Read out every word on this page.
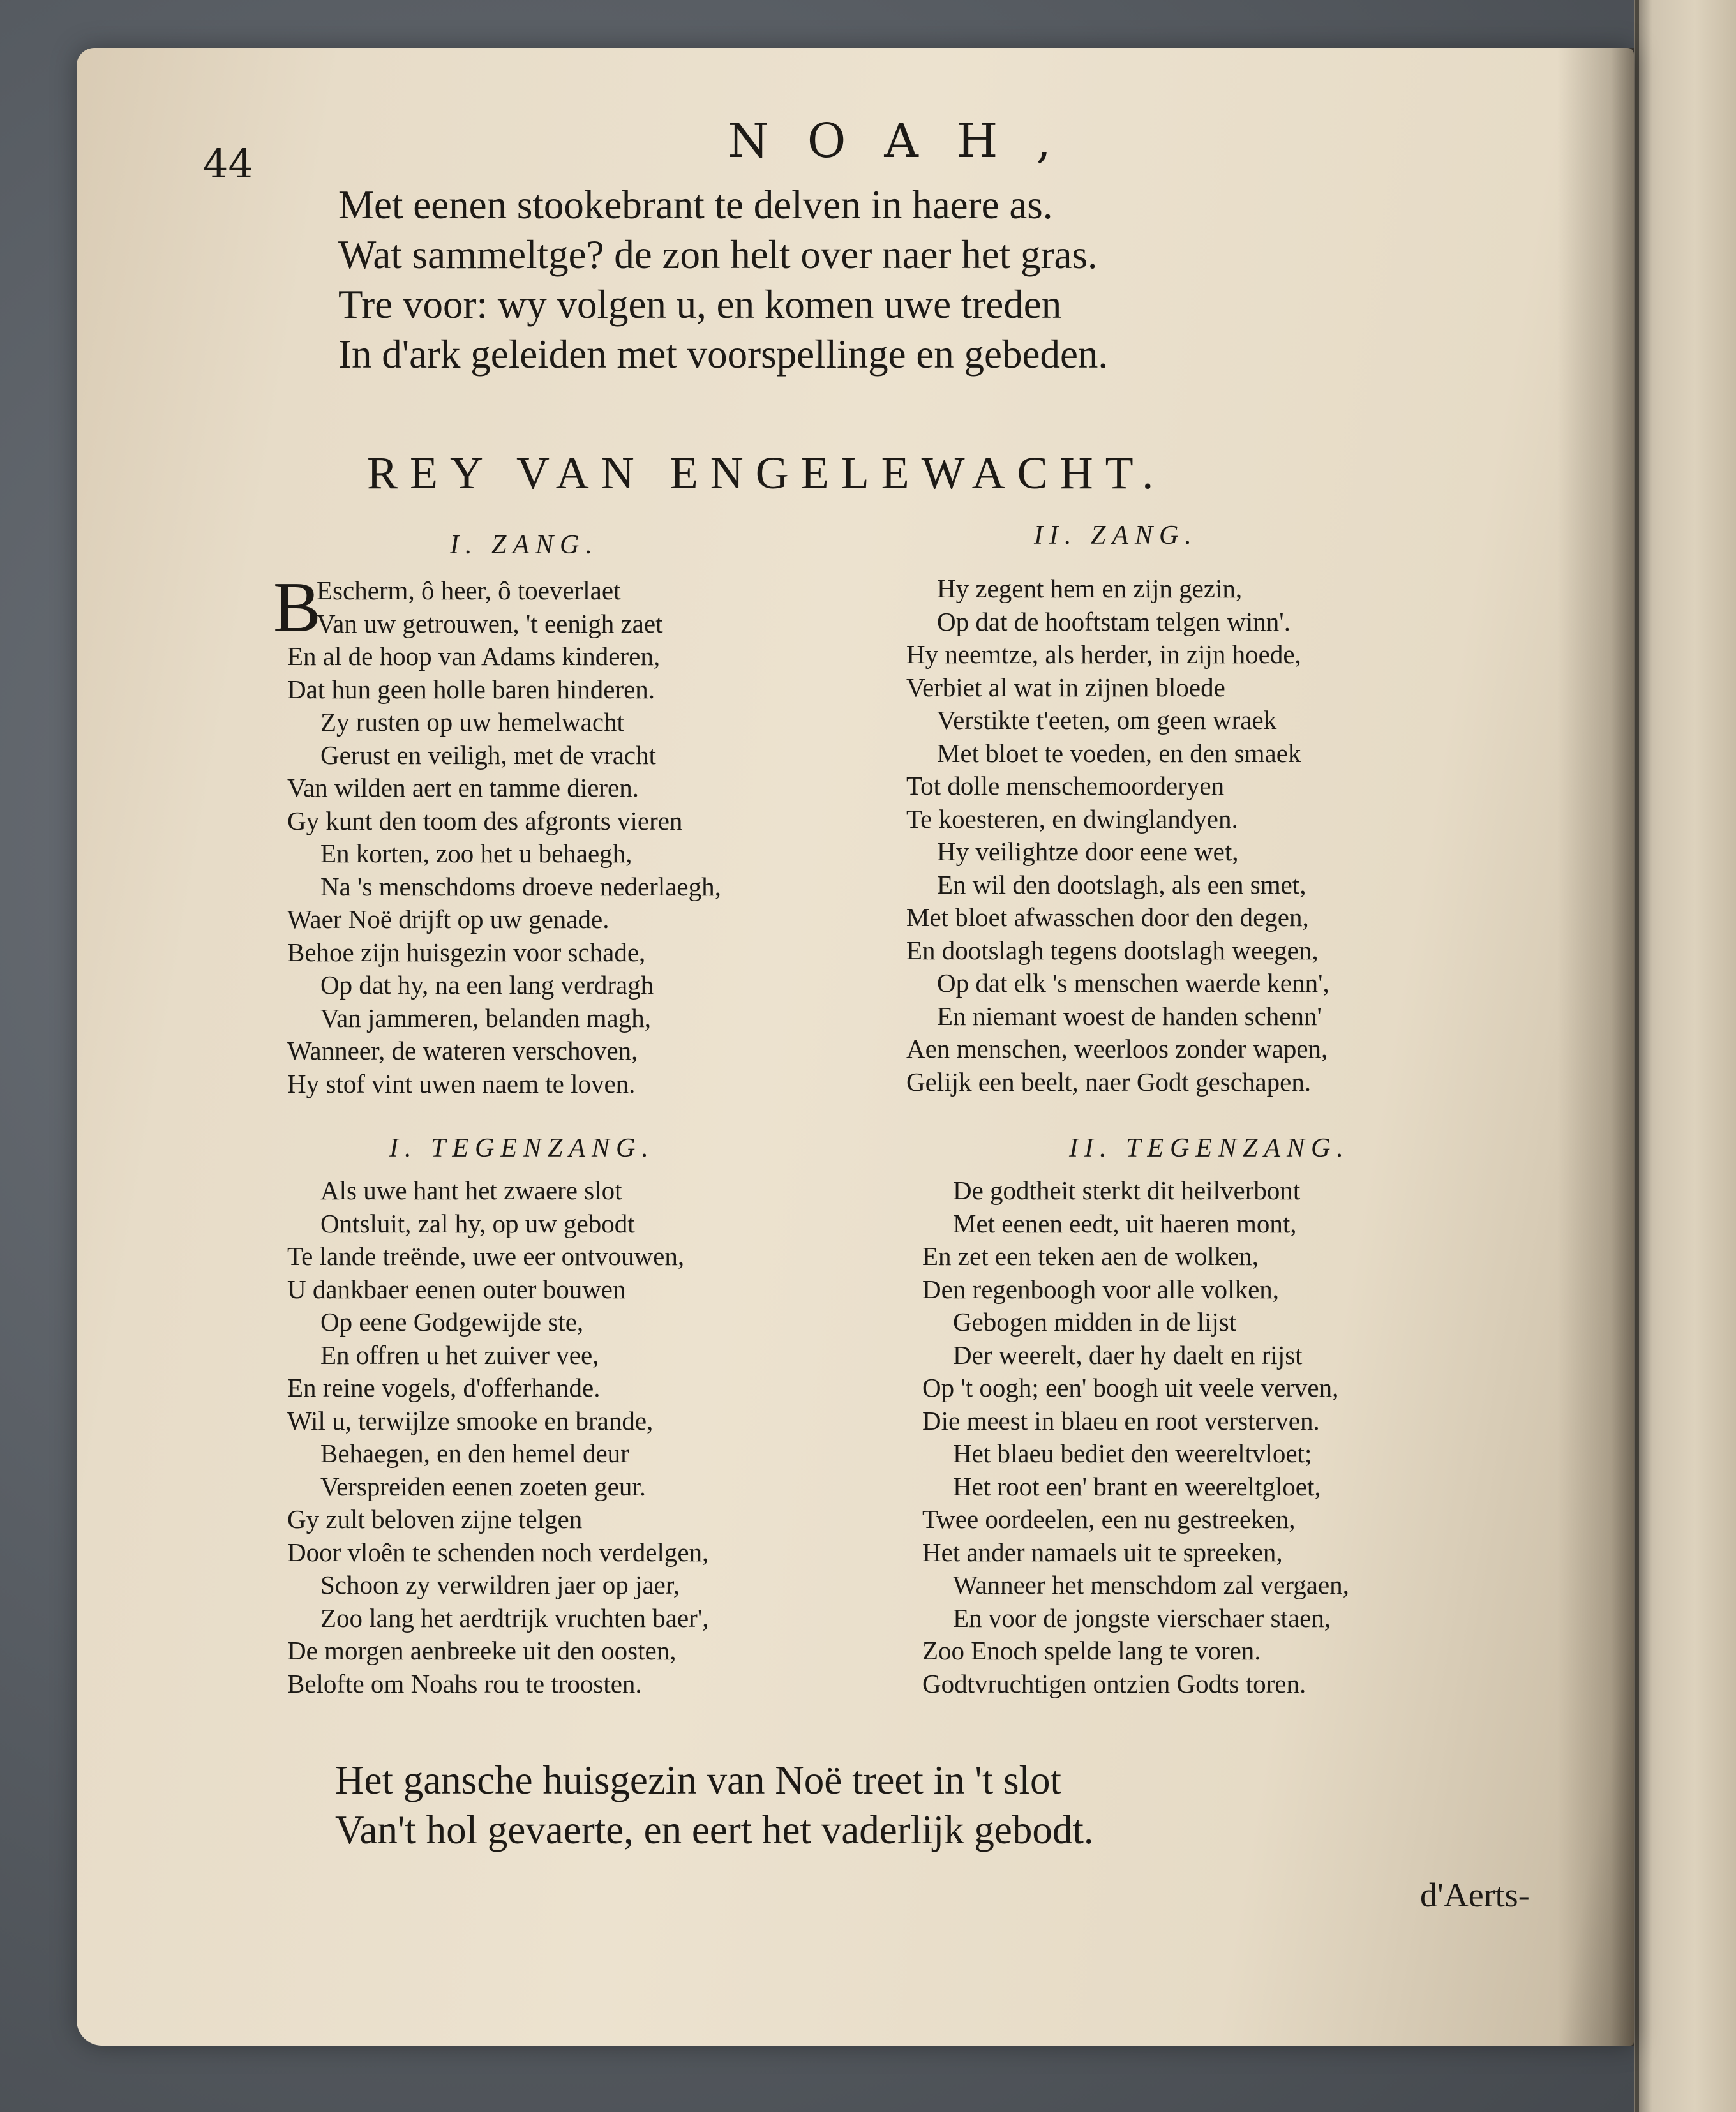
44	NOAH,
Met eenen stookebrant te delven in haere as.
Wat sammeltge? de zon helt over naer het gras.
Tre voor: wy volgen u, en komen uwe treden
In d'ark geleiden met voorspellinge en gebeden.
REY VAN ENGELEWACHT.
I. ZANG.
B
Escherm, ô heer, ô toeverlaet
Van uw getrouwen, 't eenigh zaet
En al de hoop van Adams kinderen,
Dat hun geen holle baren hinderen.
Zy rusten op uw hemelwacht
Gerust en veiligh, met de vracht
Van wilden aert en tamme dieren.
Gy kunt den toom des afgronts vieren
En korten, zoo het u behaegh,
Na 's menschdoms droeve nederlaegh,
Waer Noë drijft op uw genade.
Behoe zijn huisgezin voor schade,
Op dat hy, na een lang verdragh
Van jammeren, belanden magh,
Wanneer, de wateren verschoven,
Hy stof vint uwen naem te loven.
II. ZANG.
Hy zegent hem en zijn gezin,
Op dat de hooftstam telgen winn'.
Hy neemtze, als herder, in zijn hoede,
Verbiet al wat in zijnen bloede
Verstikte t'eeten, om geen wraek
Met bloet te voeden, en den smaek
Tot dolle menschemoorderyen
Te koesteren, en dwinglandyen.
Hy veilightze door eene wet,
En wil den dootslagh, als een smet,
Met bloet afwasschen door den degen,
En dootslagh tegens dootslagh weegen,
Op dat elk 's menschen waerde kenn',
En niemant woest de handen schenn'
Aen menschen, weerloos zonder wapen,
Gelijk een beelt, naer Godt geschapen.
I. TEGENZANG.
Als uwe hant het zwaere slot
Ontsluit, zal hy, op uw gebodt
Te lande treënde, uwe eer ontvouwen,
U dankbaer eenen outer bouwen
Op eene Godgewijde ste,
En offren u het zuiver vee,
En reine vogels, d'offerhande.
Wil u, terwijlze smooke en brande,
Behaegen, en den hemel deur
Verspreiden eenen zoeten geur.
Gy zult beloven zijne telgen
Door vloên te schenden noch verdelgen,
Schoon zy verwildren jaer op jaer,
Zoo lang het aerdtrijk vruchten baer',
De morgen aenbreeke uit den oosten,
Belofte om Noahs rou te troosten.
II. TEGENZANG.
De godtheit sterkt dit heilverbont
Met eenen eedt, uit haeren mont,
En zet een teken aen de wolken,
Den regenboogh voor alle volken,
Gebogen midden in de lijst
Der weerelt, daer hy daelt en rijst
Op 't oogh; een' boogh uit veele verven,
Die meest in blaeu en root versterven.
Het blaeu bediet den weereltvloet;
Het root een' brant en weereltgloet,
Twee oordeelen, een nu gestreeken,
Het ander namaels uit te spreeken,
Wanneer het menschdom zal vergaen,
En voor de jongste vierschaer staen,
Zoo Enoch spelde lang te voren.
Godtvruchtigen ontzien Godts toren.
Het gansche huisgezin van Noë treet in 't slot
Van't hol gevaerte, en eert het vaderlijk gebodt.
d'Aerts-
